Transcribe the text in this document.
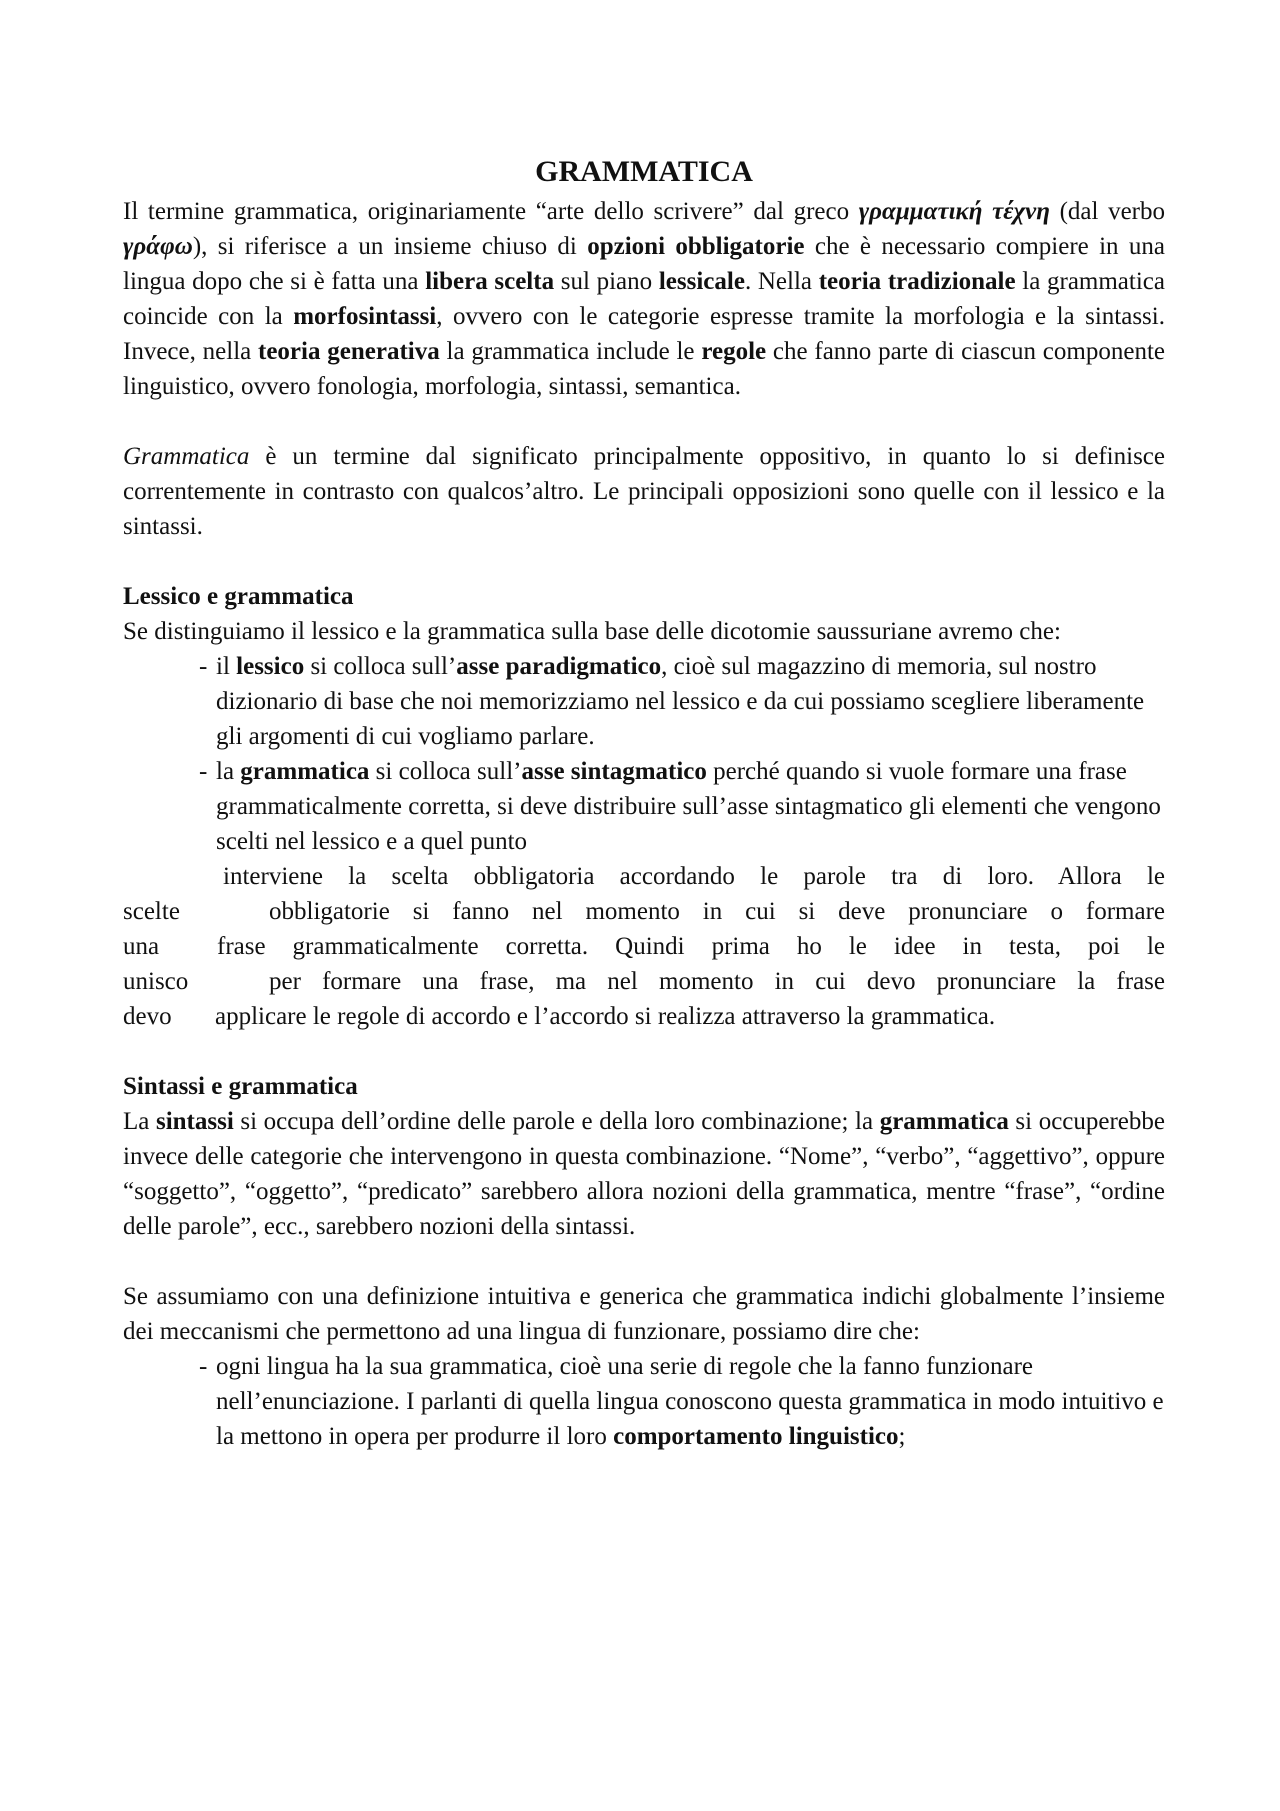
GRAMMATICA

Il termine grammatica, originariamente “arte dello scrivere” dal greco γραμματική τέχνη (dal verbo γράφω), si riferisce a un insieme chiuso di opzioni obbligatorie che è necessario compiere in una lingua dopo che si è fatta una libera scelta sul piano lessicale. Nella teoria tradizionale la grammatica coincide con la morfosintassi, ovvero con le categorie espresse tramite la morfologia e la sintassi. Invece, nella teoria generativa la grammatica include le regole che fanno parte di ciascun componente linguistico, ovvero fonologia, morfologia, sintassi, semantica.

Grammatica è un termine dal significato principalmente oppositivo, in quanto lo si definisce correntemente in contrasto con qualcos’altro. Le principali opposizioni sono quelle con il lessico e la sintassi.

Lessico e grammatica

Se distinguiamo il lessico e la grammatica sulla base delle dicotomie saussuriane avremo che:

- il lessico si colloca sull’asse paradigmatico, cioè sul magazzino di memoria, sul nostro dizionario di base che noi memorizziamo nel lessico e da cui possiamo scegliere liberamente gli argomenti di cui vogliamo parlare.
- la grammatica si colloca sull’asse sintagmatico perché quando si vuole formare una frase grammaticalmente corretta, si deve distribuire sull’asse sintagmatico gli elementi che vengono scelti nel lessico e a quel punto
interviene la scelta obbligatoria accordando le parole tra di loro. Allora le
scelte	obbligatorie si fanno nel momento in cui si deve pronunciare o formare
una	frase grammaticalmente corretta. Quindi prima ho le idee in testa, poi le
unisco	per formare una frase, ma nel momento in cui devo pronunciare la frase
devo	applicare le regole di accordo e l’accordo si realizza attraverso la grammatica.
Sintassi e grammatica

La sintassi si occupa dell’ordine delle parole e della loro combinazione; la grammatica si occuperebbe invece delle categorie che intervengono in questa combinazione. “Nome”, “verbo”, “aggettivo”, oppure “soggetto”, “oggetto”, “predicato” sarebbero allora nozioni della grammatica, mentre “frase”, “ordine delle parole”, ecc., sarebbero nozioni della sintassi.

Se assumiamo con una definizione intuitiva e generica che grammatica indichi globalmente l’insieme dei meccanismi che permettono ad una lingua di funzionare, possiamo dire che:

- ogni lingua ha la sua grammatica, cioè una serie di regole che la fanno funzionare nell’enunciazione. I parlanti di quella lingua conoscono questa grammatica in modo intuitivo e la mettono in opera per produrre il loro comportamento linguistico;
